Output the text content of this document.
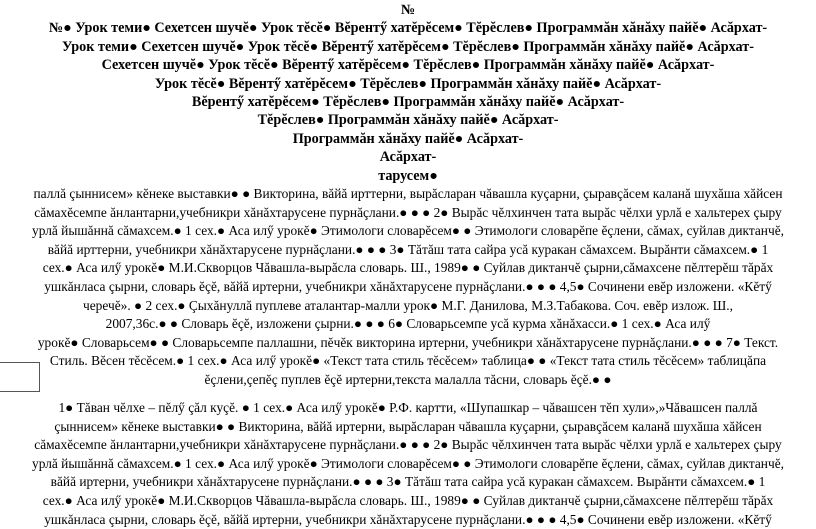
№
№● Урок теми● Сехетсен шучĕ● Урок тĕсĕ● Вĕрентӳ хатĕрĕсем● Тĕрĕслев● Программăн хăнăху пайĕ● Асăрхат-
Урок теми● Сехетсен шучĕ● Урок тĕсĕ● Вĕрентӳ хатĕрĕсем● Тĕрĕслев● Программăн хăнăху пайĕ● Асăрхат-
Сехетсен шучĕ● Урок тĕсĕ● Вĕрентӳ хатĕрĕсем● Тĕрĕслев● Программăн хăнăху пайĕ● Асăрхат-
Урок тĕсĕ● Вĕрентӳ хатĕрĕсем● Тĕрĕслев● Программăн хăнăху пайĕ● Асăрхат-
Вĕрентӳ хатĕрĕсем● Тĕрĕслев● Программăн хăнăху пайĕ● Асăрхат-
Тĕрĕслев● Программăн хăнăху пайĕ● Асăрхат-
Программăн хăнăху пайĕ● Асăрхат-
Асăрхат-
тарусем●
паллă çыннисем» кĕнеке выставки● ● Викторина, вăйă ирттерни, вырăсларан чăвашла куçарни, çыравçăсем каланă шухăша хăйсен
сăмахĕсемпе ăнлантарни,учебникри хăнăхтарусене пурнăçлани.● ● ● 2● Вырăс чĕлхинчен тата вырăс чĕлхи урлă е хальтерех çыру
урлă йышăннă сăмахсем.● 1 сех.● Аса илӳ урокĕ● Этимологи словарĕсем● ● Этимологи словарĕпе ĕçлени, сăмах, суйлав диктанчĕ,
вăйă ирттерни, учебникри хăнăхтарусене пурнăçлани.● ● ● 3● Тăтăш тата сайра усă куракан сăмахсем. Вырăнти сăмахсем.● 1
сех.● Аса илӳ урокĕ● М.И.Скворцов Чăвашла-вырăсла словарь. Ш., 1989● ● Суйлав диктанчĕ çырни,сăмахсене пĕлтерĕш тăрăх
ушкăнласа çырни, словарь ĕçĕ, вăйă иртерни, учебникри хăнăхтарусене пурнăçлани.● ● ● 4,5● Сочинени евĕр изложени. «Кĕтӳ
черечĕ». ● 2 сех.● Çыхăнуллă пуплеве аталантар-малли урок● М.Г. Данилова, М.З.Табакова. Соч. евĕр излож. Ш.,
2007,36с.● ● Словарь ĕçĕ, изложени çырни.● ● ● 6● Словарьсемпе усă курма хăнăхасси.● 1 сех.● Аса илӳ
урокĕ● Словарьсем● ● Словарьсемпе паллашни, пĕчĕк викторина иртерни, учебникри хăнăхтарусене пурнăçлани.● ● ● 7● Текст.
Стиль. Вĕсен тĕсĕсем.● 1 сех.● Аса илӳ урокĕ● «Текст тата стиль тĕсĕсем» таблица● ● «Текст тата стиль тĕсĕсем» таблицăпа
ĕçлени,çепĕç пуплев ĕçĕ иртерни,текста малалла тăсни, словарь ĕçĕ.● ●
1● Тăван чĕлхе – пĕлӳ çăл куçĕ. ● 1 сех.● Аса илӳ урокĕ● Р.Ф. картти, «Шупашкар – чăвашсен тĕп хули»,»Чăвашсен паллă
çыннисем» кĕнеке выставки● ● Викторина, вăйă иртерни, вырăсларан чăвашла куçарни, çыравçăсем каланă шухăша хăйсен
сăмахĕсемпе ăнлантарни,учебникри хăнăхтарусене пурнăçлани.● ● ● 2● Вырăс чĕлхинчен тата вырăс чĕлхи урлă е хальтерех çыру
урлă йышăннă сăмахсем.● 1 сех.● Аса илӳ урокĕ● Этимологи словарĕсем● ● Этимологи словарĕпе ĕçлени, сăмах, суйлав диктанчĕ,
вăйă иртерни, учебникри хăнăхтарусене пурнăçлани.● ● ● 3● Тăтăш тата сайра усă куракан сăмахсем. Вырăнти сăмахсем.● 1
сех.● Аса илӳ урокĕ● М.И.Скворцов Чăвашла-вырăсла словарь. Ш., 1989● ● Суйлав диктанчĕ çырни,сăмахсене пĕлтерĕш тăрăх
ушкăнласа çырни, словарь ĕçĕ, вăйă иртерни, учебникри хăнăхтарусене пурнăçлани.● ● ● 4,5● Сочинени евĕр изложени. «Кĕтӳ
